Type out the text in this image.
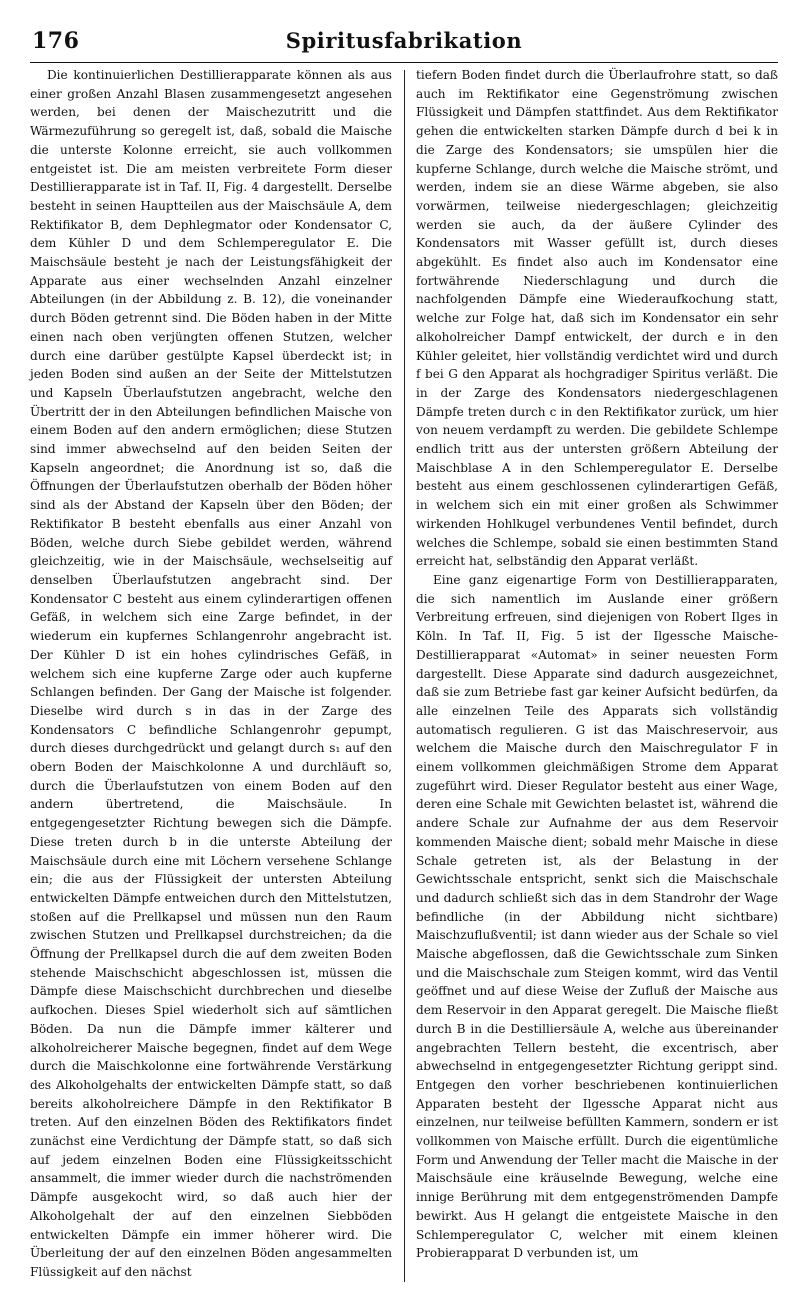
176	Spiritusfabrikation

Die kontinuierlichen Destillierapparate können als aus einer großen Anzahl Blasen zusammengesetzt angesehen werden, bei denen der Maischezutritt und die Wärmezuführung so geregelt ist, daß, sobald die Maische die unterste Kolonne erreicht, sie auch vollkommen entgeistet ist. Die am meisten verbreitete Form dieser Destillierapparate ist in Taf. II, Fig. 4 dargestellt. Derselbe besteht in seinen Hauptteilen aus der Maischsäule A, dem Rektifikator B, dem Dephlegmator oder Kondensator C, dem Kühler D und dem Schlemperegulator E. Die Maischsäule besteht je nach der Leistungsfähigkeit der Apparate aus einer wechselnden Anzahl einzelner Abteilungen (in der Abbildung z. B. 12), die voneinander durch Böden getrennt sind. Die Böden haben in der Mitte einen nach oben verjüngten offenen Stutzen, welcher durch eine darüber gestülpte Kapsel überdeckt ist; in jeden Boden sind außen an der Seite der Mittelstutzen und Kapseln Überlaufstutzen angebracht, welche den Übertritt der in den Abteilungen befindlichen Maische von einem Boden auf den andern ermöglichen; diese Stutzen sind immer abwechselnd auf den beiden Seiten der Kapseln angeordnet; die Anordnung ist so, daß die Öffnungen der Überlaufstutzen oberhalb der Böden höher sind als der Abstand der Kapseln über den Böden; der Rektifikator B besteht ebenfalls aus einer Anzahl von Böden, welche durch Siebe gebildet werden, während gleichzeitig, wie in der Maischsäule, wechselseitig auf denselben Überlaufstutzen angebracht sind. Der Kondensator C besteht aus einem cylinderartigen offenen Gefäß, in welchem sich eine Zarge befindet, in der wiederum ein kupfernes Schlangenrohr angebracht ist. Der Kühler D ist ein hohes cylindrisches Gefäß, in welchem sich eine kupferne Zarge oder auch kupferne Schlangen befinden. Der Gang der Maische ist folgender. Dieselbe wird durch s in das in der Zarge des Kondensators C befindliche Schlangenrohr gepumpt, durch dieses durchgedrückt und gelangt durch s₁ auf den obern Boden der Maischkolonne A und durchläuft so, durch die Überlaufstutzen von einem Boden auf den andern übertretend, die Maischsäule. In entgegengesetzter Richtung bewegen sich die Dämpfe. Diese treten durch b in die unterste Abteilung der Maischsäule durch eine mit Löchern versehene Schlange ein; die aus der Flüssigkeit der untersten Abteilung entwickelten Dämpfe entweichen durch den Mittelstutzen, stoßen auf die Prellkapsel und müssen nun den Raum zwischen Stutzen und Prellkapsel durchstreichen; da die Öffnung der Prellkapsel durch die auf dem zweiten Boden stehende Maischschicht abgeschlossen ist, müssen die Dämpfe diese Maischschicht durchbrechen und dieselbe aufkochen. Dieses Spiel wiederholt sich auf sämtlichen Böden. Da nun die Dämpfe immer kälterer und alkoholreicherer Maische begegnen, findet auf dem Wege durch die Maischkolonne eine fortwährende Verstärkung des Alkoholgehalts der entwickelten Dämpfe statt, so daß bereits alkoholreichere Dämpfe in den Rektifikator B treten. Auf den einzelnen Böden des Rektifikators findet zunächst eine Verdichtung der Dämpfe statt, so daß sich auf jedem einzelnen Boden eine Flüssigkeitsschicht ansammelt, die immer wieder durch die nachströmenden Dämpfe ausgekocht wird, so daß auch hier der Alkoholgehalt der auf den einzelnen Siebböden entwickelten Dämpfe ein immer höherer wird. Die Überleitung der auf den einzelnen Böden angesammelten Flüssigkeit auf den nächst

tiefern Boden findet durch die Überlaufrohre statt, so daß auch im Rektifikator eine Gegenströmung zwischen Flüssigkeit und Dämpfen stattfindet. Aus dem Rektifikator gehen die entwickelten starken Dämpfe durch d bei k in die Zarge des Kondensators; sie umspülen hier die kupferne Schlange, durch welche die Maische strömt, und werden, indem sie an diese Wärme abgeben, sie also vorwärmen, teilweise niedergeschlagen; gleichzeitig werden sie auch, da der äußere Cylinder des Kondensators mit Wasser gefüllt ist, durch dieses abgekühlt. Es findet also auch im Kondensator eine fortwährende Niederschlagung und durch die nachfolgenden Dämpfe eine Wiederaufkochung statt, welche zur Folge hat, daß sich im Kondensator ein sehr alkoholreicher Dampf entwickelt, der durch e in den Kühler geleitet, hier vollständig verdichtet wird und durch f bei G den Apparat als hochgradiger Spiritus verläßt. Die in der Zarge des Kondensators niedergeschlagenen Dämpfe treten durch c in den Rektifikator zurück, um hier von neuem verdampft zu werden. Die gebildete Schlempe endlich tritt aus der untersten größern Abteilung der Maischblase A in den Schlemperegulator E. Derselbe besteht aus einem geschlossenen cylinderartigen Gefäß, in welchem sich ein mit einer großen als Schwimmer wirkenden Hohlkugel verbundenes Ventil befindet, durch welches die Schlempe, sobald sie einen bestimmten Stand erreicht hat, selbständig den Apparat verläßt.

Eine ganz eigenartige Form von Destillierapparaten, die sich namentlich im Auslande einer größern Verbreitung erfreuen, sind diejenigen von Robert Ilges in Köln. In Taf. II, Fig. 5 ist der Ilgessche Maische-Destillierapparat «Automat» in seiner neuesten Form dargestellt. Diese Apparate sind dadurch ausgezeichnet, daß sie zum Betriebe fast gar keiner Aufsicht bedürfen, da alle einzelnen Teile des Apparats sich vollständig automatisch regulieren. G ist das Maischreservoir, aus welchem die Maische durch den Maischregulator F in einem vollkommen gleichmäßigen Strome dem Apparat zugeführt wird. Dieser Regulator besteht aus einer Wage, deren eine Schale mit Gewichten belastet ist, während die andere Schale zur Aufnahme der aus dem Reservoir kommenden Maische dient; sobald mehr Maische in diese Schale getreten ist, als der Belastung in der Gewichtsschale entspricht, senkt sich die Maischschale und dadurch schließt sich das in dem Standrohr der Wage befindliche (in der Abbildung nicht sichtbare) Maischzuflußventil; ist dann wieder aus der Schale so viel Maische abgeflossen, daß die Gewichtsschale zum Sinken und die Maischschale zum Steigen kommt, wird das Ventil geöffnet und auf diese Weise der Zufluß der Maische aus dem Reservoir in den Apparat geregelt. Die Maische fließt durch B in die Destilliersäule A, welche aus übereinander angebrachten Tellern besteht, die excentrisch, aber abwechselnd in entgegengesetzter Richtung gerippt sind. Entgegen den vorher beschriebenen kontinuierlichen Apparaten besteht der Ilgessche Apparat nicht aus einzelnen, nur teilweise befüllten Kammern, sondern er ist vollkommen von Maische erfüllt. Durch die eigentümliche Form und Anwendung der Teller macht die Maische in der Maischsäule eine kräuselnde Bewegung, welche eine innige Berührung mit dem entgegenströmenden Dampfe bewirkt. Aus H gelangt die entgeistete Maische in den Schlemperegulator C, welcher mit einem kleinen Probierapparat D verbunden ist, um
